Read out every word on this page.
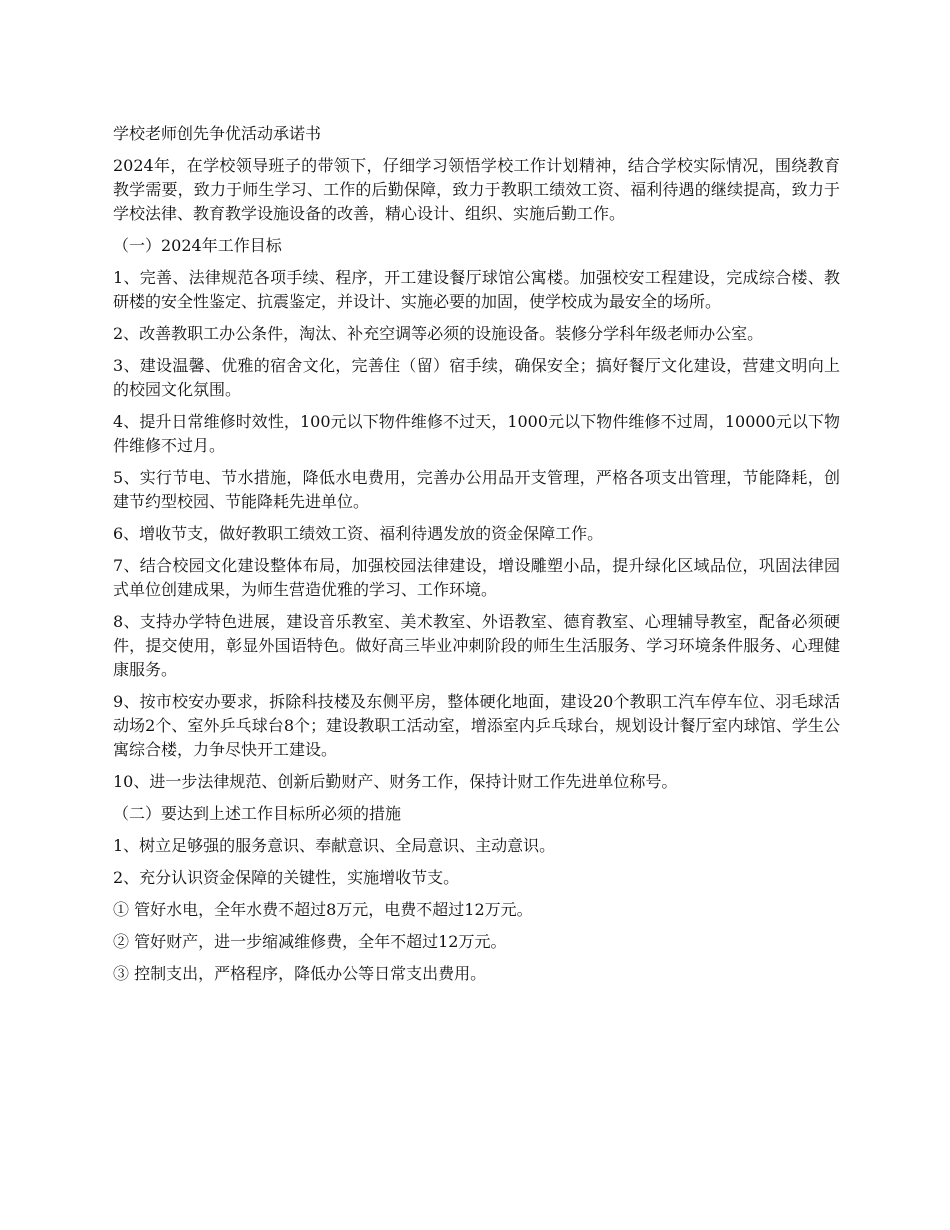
学校老师创先争优活动承诺书

2024年，在学校领导班子的带领下，仔细学习领悟学校工作计划精神，结合学校实际情况，围绕教育教学需要，致力于师生学习、工作的后勤保障，致力于教职工绩效工资、福利待遇的继续提高，致力于学校法律、教育教学设施设备的改善，精心设计、组织、实施后勤工作。

（一）2024年工作目标

1、完善、法律规范各项手续、程序，开工建设餐厅球馆公寓楼。加强校安工程建设，完成综合楼、教研楼的安全性鉴定、抗震鉴定，并设计、实施必要的加固，使学校成为最安全的场所。

2、改善教职工办公条件，淘汰、补充空调等必须的设施设备。装修分学科年级老师办公室。

3、建设温馨、优雅的宿舍文化，完善住（留）宿手续，确保安全；搞好餐厅文化建设，营建文明向上的校园文化氛围。

4、提升日常维修时效性，100元以下物件维修不过天，1000元以下物件维修不过周，10000元以下物件维修不过月。

5、实行节电、节水措施，降低水电费用，完善办公用品开支管理，严格各项支出管理，节能降耗，创建节约型校园、节能降耗先进单位。

6、增收节支，做好教职工绩效工资、福利待遇发放的资金保障工作。

7、结合校园文化建设整体布局，加强校园法律建设，增设雕塑小品，提升绿化区域品位，巩固法律园式单位创建成果，为师生营造优雅的学习、工作环境。

8、支持办学特色进展，建设音乐教室、美术教室、外语教室、德育教室、心理辅导教室，配备必须硬件，提交使用，彰显外国语特色。做好高三毕业冲刺阶段的师生生活服务、学习环境条件服务、心理健康服务。

9、按市校安办要求，拆除科技楼及东侧平房，整体硬化地面，建设20个教职工汽车停车位、羽毛球活动场2个、室外乒乓球台8个；建设教职工活动室，增添室内乒乓球台，规划设计餐厅室内球馆、学生公寓综合楼，力争尽快开工建设。

10、进一步法律规范、创新后勤财产、财务工作，保持计财工作先进单位称号。

（二）要达到上述工作目标所必须的措施

1、树立足够强的服务意识、奉献意识、全局意识、主动意识。

2、充分认识资金保障的关键性，实施增收节支。

① 管好水电，全年水费不超过8万元，电费不超过12万元。

② 管好财产，进一步缩减维修费，全年不超过12万元。

③ 控制支出，严格程序，降低办公等日常支出费用。
